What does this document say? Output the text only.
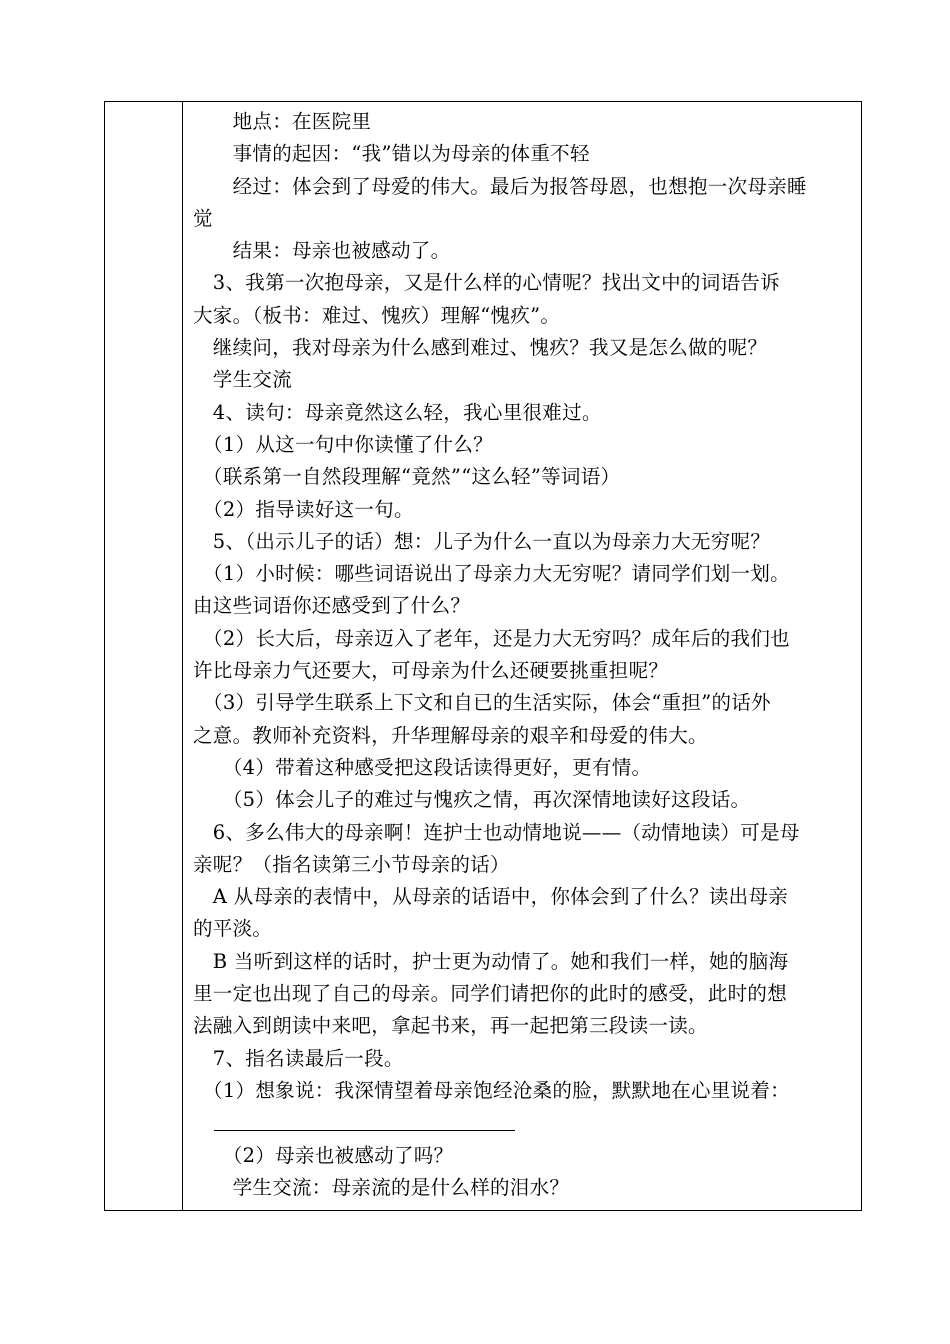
　　地点：在医院里
　　事情的起因：“我”错以为母亲的体重不轻
　　经过：体会到了母爱的伟大。最后为报答母恩，也想抱一次母亲睡
觉
　　结果：母亲也被感动了。
　3、我第一次抱母亲，又是什么样的心情呢？找出文中的词语告诉
大家。（板书：难过、愧疚）理解“愧疚”。
　继续问，我对母亲为什么感到难过、愧疚？我又是怎么做的呢？
　学生交流
　4、读句：母亲竟然这么轻，我心里很难过。
　（1）从这一句中你读懂了什么？
　（联系第一自然段理解“竟然”“这么轻”等词语）
　（2）指导读好这一句。
　5、（出示儿子的话）想：儿子为什么一直以为母亲力大无穷呢？
　（1）小时候：哪些词语说出了母亲力大无穷呢？请同学们划一划。
由这些词语你还感受到了什么？
　（2）长大后，母亲迈入了老年，还是力大无穷吗？成年后的我们也
许比母亲力气还要大，可母亲为什么还硬要挑重担呢？
　（3）引导学生联系上下文和自已的生活实际，体会“重担”的话外
之意。教师补充资料，升华理解母亲的艰辛和母爱的伟大。
　　（4）带着这种感受把这段话读得更好，更有情。
　　（5）体会儿子的难过与愧疚之情，再次深情地读好这段话。
　6、多么伟大的母亲啊！连护士也动情地说——（动情地读）可是母
亲呢？（指名读第三小节母亲的话）
　A 从母亲的表情中，从母亲的话语中，你体会到了什么？读出母亲
的平淡。
　B 当听到这样的话时，护士更为动情了。她和我们一样，她的脑海
里一定也出现了自己的母亲。同学们请把你的此时的感受，此时的想
法融入到朗读中来吧，拿起书来，再一起把第三段读一读。
　7、指名读最后一段。
　（1）想象说：我深情望着母亲饱经沧桑的脸，默默地在心里说着：
　　（2）母亲也被感动了吗？
　　学生交流：母亲流的是什么样的泪水？
